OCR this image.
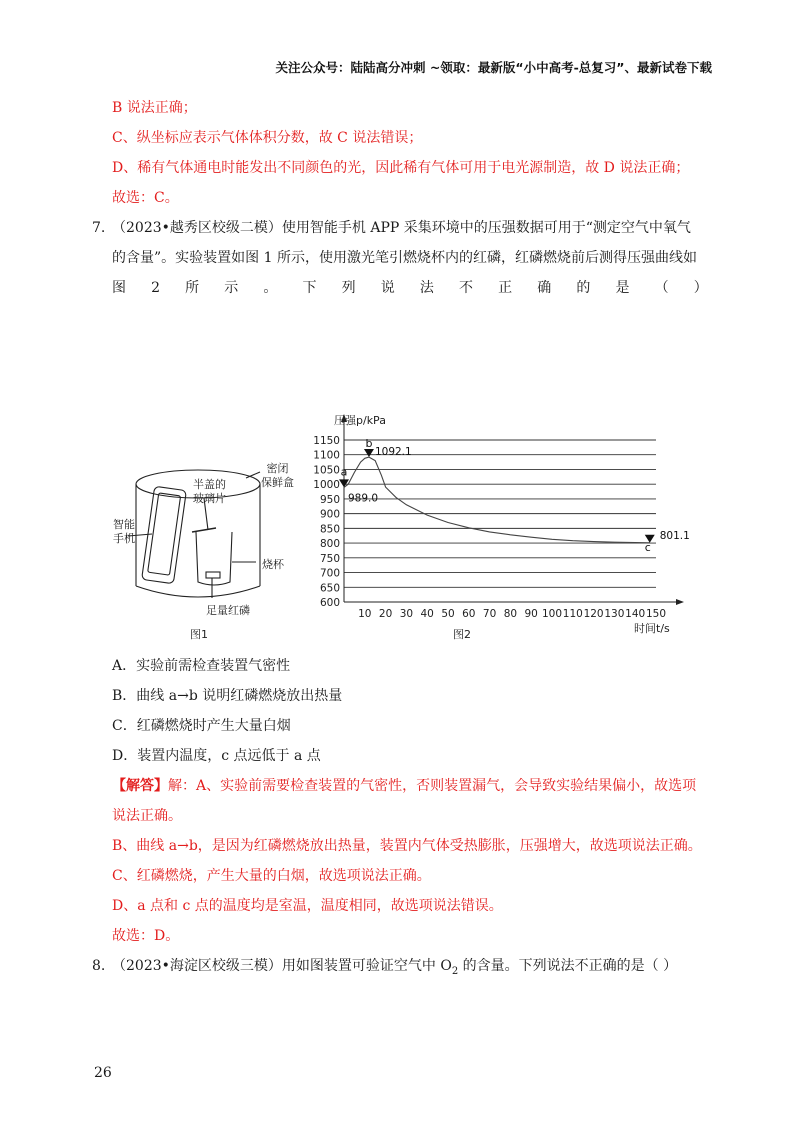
关注公众号：陆陆高分冲刺 ~领取：最新版“小中高考-总复习”、最新试卷下载
B 说法正确；
C、纵坐标应表示气体体积分数，故 C 说法错误；
D、稀有气体通电时能发出不同颜色的光，因此稀有气体可用于电光源制造，故 D 说法正确；
故选：C。
7. （2023•越秀区校级二模）使用智能手机 APP 采集环境中的压强数据可用于“测定空气中氧气
的含量”。实验装置如图 1 所示，使用激光笔引燃烧杯内的红磷，红磷燃烧前后测得压强曲线如
图 2 所 示 。 下 列 说 法 不 正 确 的 是 （ ）
密闭
保鲜盒
半盖的
玻璃片
智能
手机
烧杯
足量红磷
图1
600
650
700
750
800
850
900
950
1000
1050
1100
1150
10 20 30 40 50 60 70 80 90 100 110 120 130 140 150
a
989.0
b
1092.1
c
801.1
压强p/kPa
时间t/s
图2
A．实验前需检查装置气密性
B．曲线 a→b 说明红磷燃烧放出热量
C．红磷燃烧时产生大量白烟
D．装置内温度，c 点远低于 a 点
【解答】解：A、实验前需要检查装置的气密性，否则装置漏气，会导致实验结果偏小，故选项
说法正确。
B、曲线 a→b，是因为红磷燃烧放出热量，装置内气体受热膨胀，压强增大，故选项说法正确。
C、红磷燃烧，产生大量的白烟，故选项说法正确。
D、a 点和 c 点的温度均是室温，温度相同，故选项说法错误。
故选：D。
8. （2023•海淀区校级三模）用如图装置可验证空气中 $O_2$ 的含量。下列说法不正确的是（ ）
26
